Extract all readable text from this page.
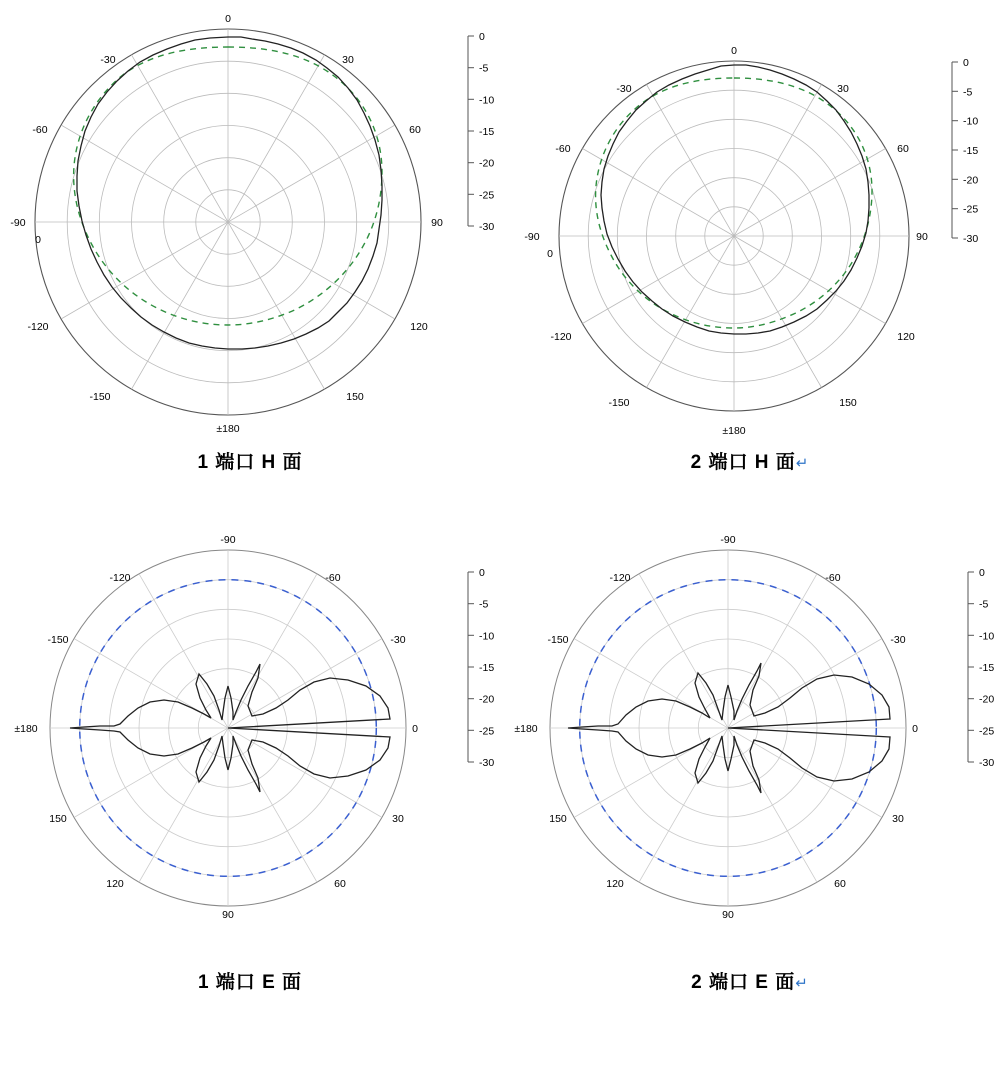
0
30
60
90
120
150
±180
-150
-120
-90
-60
-30
0
0
-5
-10
-15
-20
-25
-30
1 端口 H 面
0
30
60
90
120
150
±180
-150
-120
-90
-60
-30
0
0
-5
-10
-15
-20
-25
-30
2 端口 H 面↵
-90
-60
-30
0
30
60
90
120
150
±180
-150
-120	0
-5
-10
-15
-20
-25
-30
1 端口 E 面
-90
-60
-30
0
30
60
90
120
150
±180
-150
-120	0
-5
-10
-15
-20
-25
-30
2 端口 E 面↵
